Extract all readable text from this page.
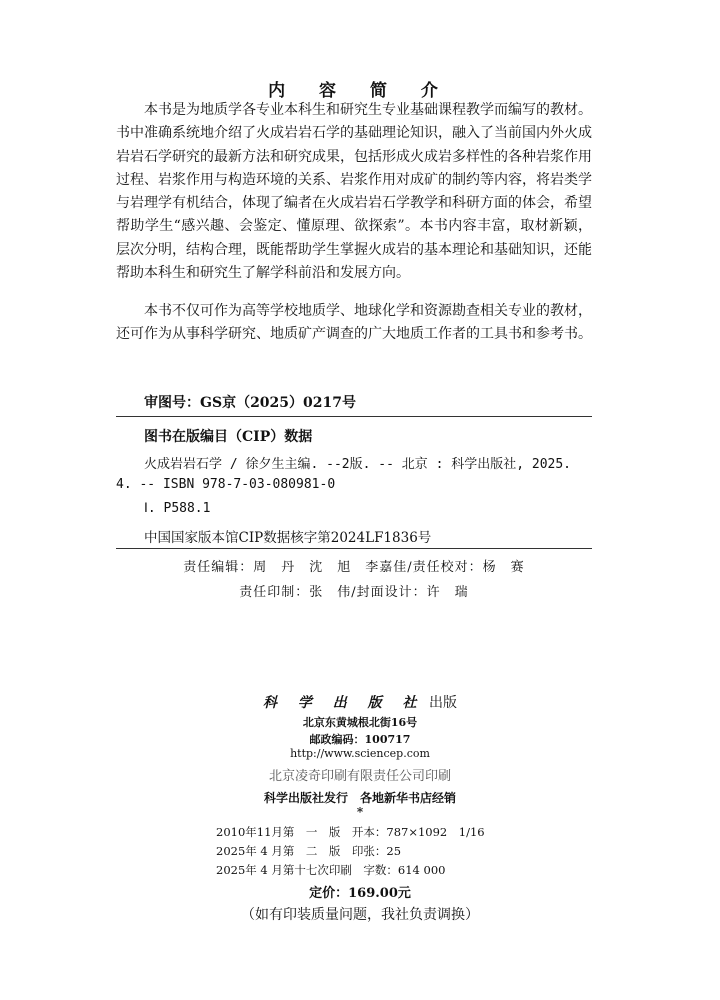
内 容 简 介
本书是为地质学各专业本科生和研究生专业基础课程教学而编写的教材。书中准确系统地介绍了火成岩岩石学的基础理论知识，融入了当前国内外火成岩岩石学研究的最新方法和研究成果，包括形成火成岩多样性的各种岩浆作用过程、岩浆作用与构造环境的关系、岩浆作用对成矿的制约等内容，将岩类学与岩理学有机结合，体现了编者在火成岩岩石学教学和科研方面的体会，希望帮助学生“感兴趣、会鉴定、懂原理、欲探索”。本书内容丰富，取材新颖，层次分明，结构合理，既能帮助学生掌握火成岩的基本理论和基础知识，还能帮助本科生和研究生了解学科前沿和发展方向。
本书不仅可作为高等学校地质学、地球化学和资源勘查相关专业的教材，还可作为从事科学研究、地质矿产调查的广大地质工作者的工具书和参考书。
审图号：GS京（2025）0217号
图书在版编目（CIP）数据
火成岩岩石学 / 徐夕生主编. --2版. -- 北京 : 科学出版社, 2025.
4. -- ISBN 978-7-03-080981-0
Ⅰ. P588.1
中国国家版本馆CIP数据核字第2024LF1836号
责任编辑：周　丹　沈　旭　李嘉佳/责任校对：杨　赛
责任印制：张　伟/封面设计：许　瑞
科 学 出 版 社 出版
北京东黄城根北街16号
邮政编码：100717
http://www.sciencep.com
北京凌奇印刷有限责任公司印刷
科学出版社发行　各地新华书店经销
*
2010年11月第　一　版　开本：787×1092　1/16
2025年 4 月第　二　版　印张：25
2025年 4 月第十七次印刷　字数：614 000
定价：169.00元
（如有印装质量问题，我社负责调换）
